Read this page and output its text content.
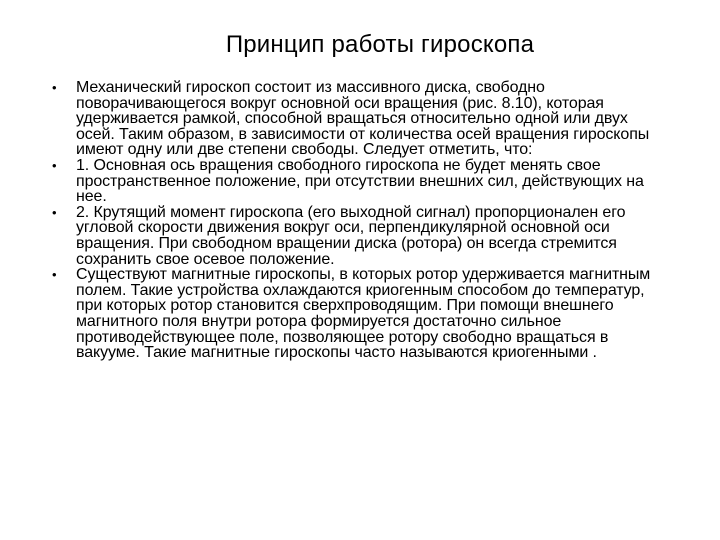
Принцип работы гироскопа
•	Механический гироскоп состоит из массивного диска, свободно поворачивающегося вокруг основной оси вращения (рис. 8.10), которая удерживается рамкой, способной вращаться относительно одной или двух осей. Таким образом, в зависимости от количества осей вращения гироскопы имеют одну или две степени свободы. Следует отметить, что:
•	1. Основная ось вращения свободного гироскопа не будет менять свое пространственное положение, при отсутствии внешних сил, действующих на нее.
•	2. Крутящий момент гироскопа (его выходной сигнал) пропорционален его угловой скорости движения вокруг оси, перпендикулярной основной оси вращения. При свободном вращении диска (ротора) он всегда стремится сохранить свое осевое положение.
•	Существуют магнитные гироскопы, в которых ротор удерживается магнитным полем. Такие устройства охлаждаются криогенным способом до температур, при которых ротор становится сверхпроводящим. При помощи внешнего магнитного поля внутри ротора формируется достаточно сильное противодействующее поле, позволяющее ротору свободно вращаться в вакууме. Такие магнитные гироскопы часто называются криогенными .
